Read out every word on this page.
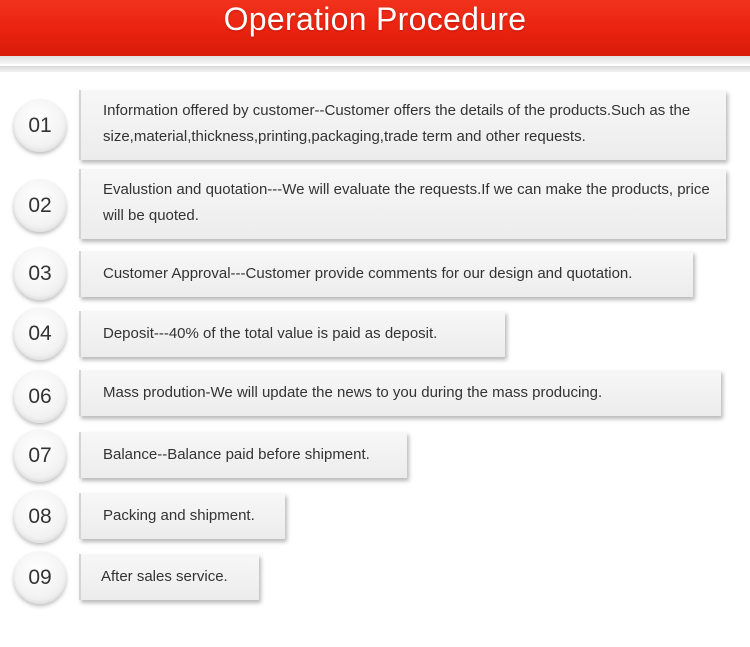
Operation Procedure
01
Information offered by customer--Customer offers the details of the products.Such as the size,material,thickness,printing,packaging,trade term and other requests.
02
Evalustion and quotation---We will evaluate the requests.If we can make the products, price will be quoted.
03	Customer Approval---Customer provide comments for our design and quotation.
04	Deposit---40% of the total value is paid as deposit.
06	Mass prodution-We will update the news to you during the mass producing.
07	Balance--Balance paid before shipment.
08	Packing and shipment.
09	After sales service.
